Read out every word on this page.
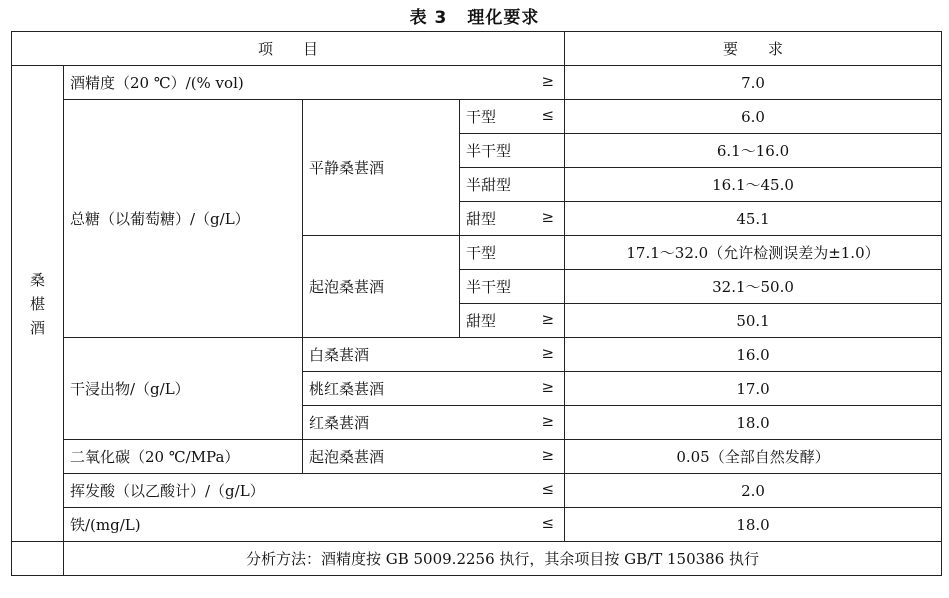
表 3 理化要求
项　　目				要　　求

桑
椹
酒	酒精度（20 ℃）/(% vol) ≥			7.0
	总糖（以葡萄糖）/（g/L）	平静桑葚酒	干型 ≤	6.0
			半干型	6.1～16.0
			半甜型	16.1～45.0
			甜型 ≥	45.1
		起泡桑葚酒	干型	17.1～32.0（允许检测误差为±1.0）
			半干型	32.1～50.0
			甜型 ≥	50.1
	干浸出物/（g/L）	白桑葚酒 ≥		16.0
		桃红桑葚酒 ≥		17.0
		红桑葚酒 ≥		18.0
	二氧化碳（20 ℃/MPa）	起泡桑葚酒 ≥		0.05（全部自然发酵）
	挥发酸（以乙酸计）/（g/L） ≤			2.0
	铁/(mg/L) ≤			18.0
	分析方法：酒精度按 GB 5009.2256 执行，其余项目按 GB/T 150386 执行			
